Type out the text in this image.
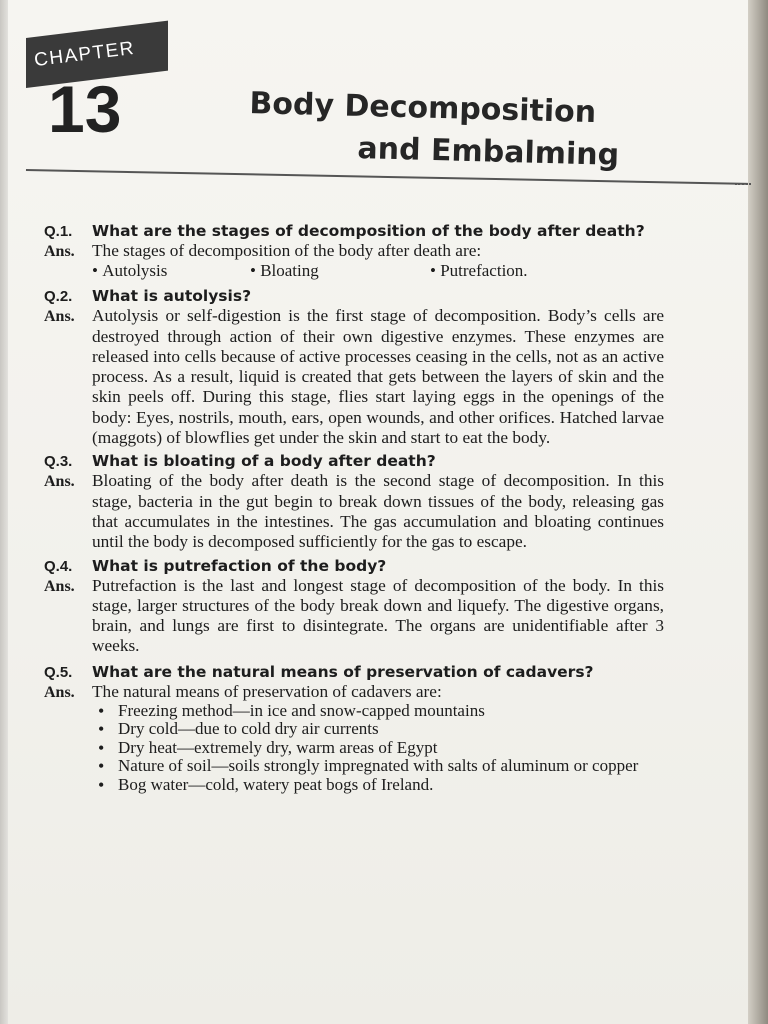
CHAPTER
13	Body Decomposition
and Embalming
Q.1.	What are the stages of decomposition of the body after death?
Ans.	The stages of decomposition of the body after death are:
• Autolysis	• Bloating	• Putrefaction.
Q.2.	What is autolysis?
Ans.	Autolysis or self-digestion is the first stage of decomposition. Body’s cells are destroyed through action of their own digestive enzymes. These enzymes are released into cells because of active processes ceasing in the cells, not as an active process. As a result, liquid is created that gets between the layers of skin and the skin peels off. During this stage, flies start laying eggs in the openings of the body: Eyes, nostrils, mouth, ears, open wounds, and other orifices. Hatched larvae (maggots) of blowflies get under the skin and start to eat the body.
Q.3.	What is bloating of a body after death?
Ans.	Bloating of the body after death is the second stage of decomposition. In this stage, bacteria in the gut begin to break down tissues of the body, releasing gas that accumulates in the intestines. The gas accumulation and bloating continues until the body is decomposed sufficiently for the gas to escape.
Q.4.	What is putrefaction of the body?
Ans.	Putrefaction is the last and longest stage of decomposition of the body. In this stage, larger structures of the body break down and liquefy. The digestive organs, brain, and lungs are first to disintegrate. The organs are unidentifiable after 3 weeks.
Q.5.	What are the natural means of preservation of cadavers?
Ans.	The natural means of preservation of cadavers are:
• Freezing method—in ice and snow-capped mountains
• Dry cold—due to cold dry air currents
• Dry heat—extremely dry, warm areas of Egypt
• Nature of soil—soils strongly impregnated with salts of aluminum or copper
• Bog water—cold, watery peat bogs of Ireland.
